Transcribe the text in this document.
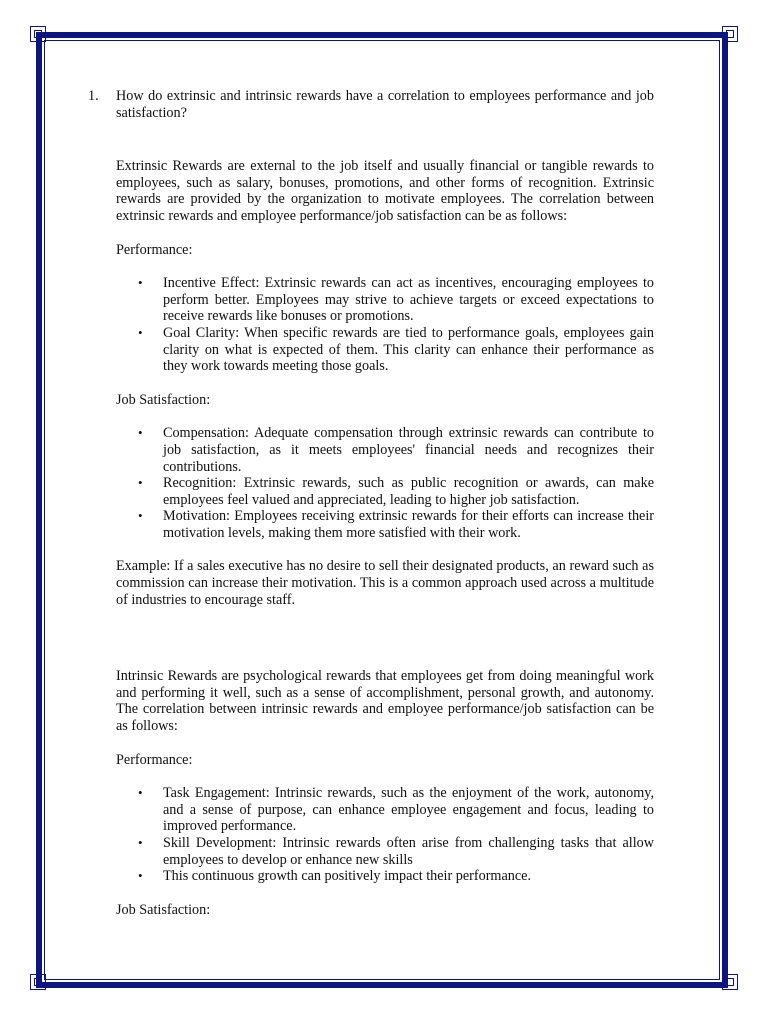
1.	How do extrinsic and intrinsic rewards have a correlation to employees performance and job satisfaction?

Extrinsic Rewards are external to the job itself and usually financial or tangible rewards to employees, such as salary, bonuses, promotions, and other forms of recognition. Extrinsic rewards are provided by the organization to motivate employees. The correlation between extrinsic rewards and employee performance/job satisfaction can be as follows:

Performance:

• Incentive Effect: Extrinsic rewards can act as incentives, encouraging employees to perform better. Employees may strive to achieve targets or exceed expectations to receive rewards like bonuses or promotions.
• Goal Clarity: When specific rewards are tied to performance goals, employees gain clarity on what is expected of them. This clarity can enhance their performance as they work towards meeting those goals.

Job Satisfaction:

• Compensation: Adequate compensation through extrinsic rewards can contribute to job satisfaction, as it meets employees' financial needs and recognizes their contributions.
• Recognition: Extrinsic rewards, such as public recognition or awards, can make employees feel valued and appreciated, leading to higher job satisfaction.
• Motivation: Employees receiving extrinsic rewards for their efforts can increase their motivation levels, making them more satisfied with their work.

Example: If a sales executive has no desire to sell their designated products, an reward such as commission can increase their motivation. This is a common approach used across a multitude of industries to encourage staff.

Intrinsic Rewards are psychological rewards that employees get from doing meaningful work and performing it well, such as a sense of accomplishment, personal growth, and autonomy. The correlation between intrinsic rewards and employee performance/job satisfaction can be as follows:

Performance:

• Task Engagement: Intrinsic rewards, such as the enjoyment of the work, autonomy, and a sense of purpose, can enhance employee engagement and focus, leading to improved performance.
• Skill Development: Intrinsic rewards often arise from challenging tasks that allow employees to develop or enhance new skills
• This continuous growth can positively impact their performance.

Job Satisfaction:
